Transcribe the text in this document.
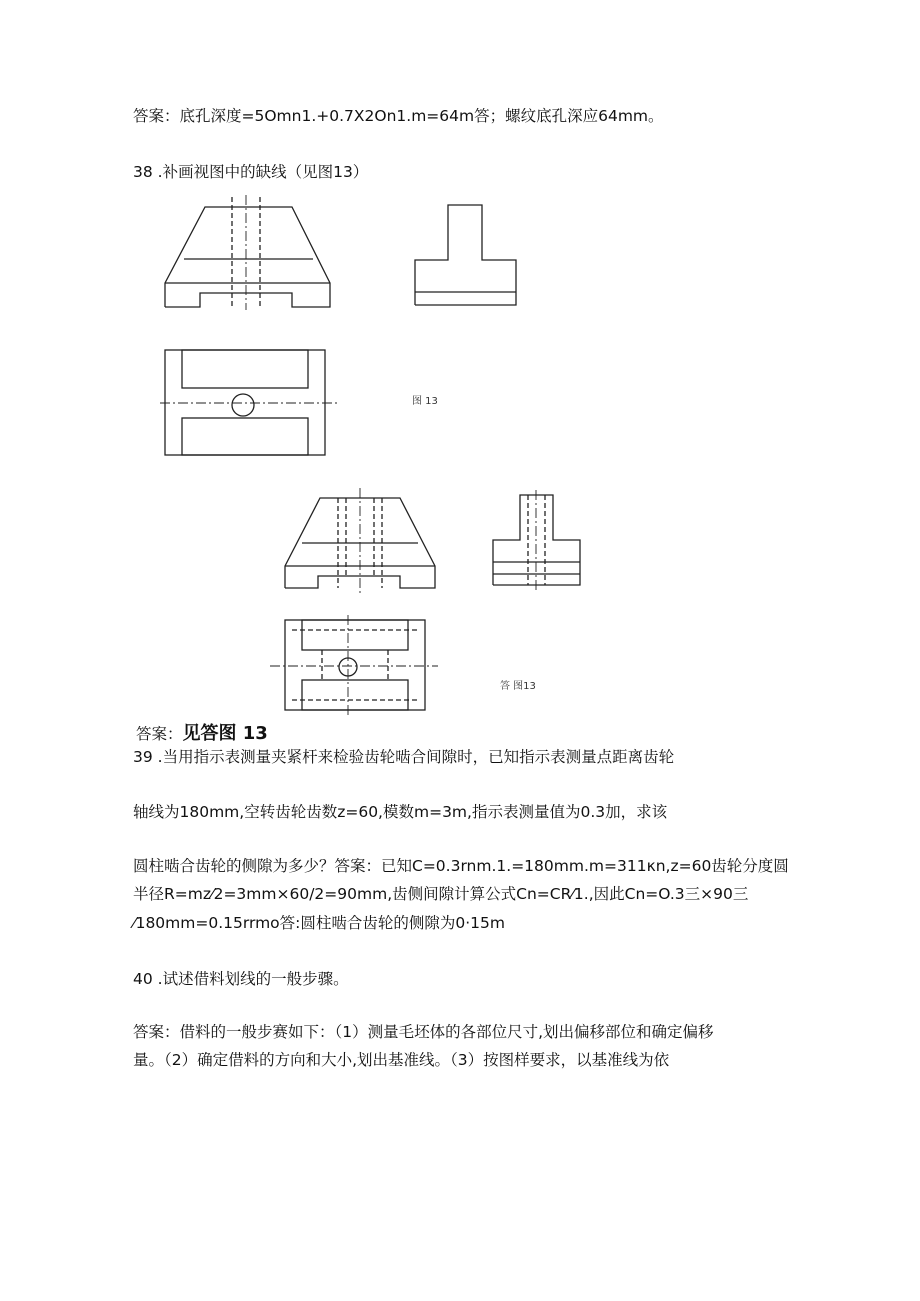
答案：底孔深度=5Omn1.+0.7X2On1.m=64m答；螺纹底孔深应64mm。
38 .补画视图中的缺线（见图13）
图 13
答 图13
答案：见答图 13
39 .当用指示表测量夹紧杆来检验齿轮啮合间隙时，已知指示表测量点距离齿轮
轴线为180mm,空转齿轮齿数z=60,模数m=3m,指示表测量值为0.3加，求该
圆柱啮合齿轮的侧隙为多少？答案：已知C=0.3rnm.1.=180mm.m=311κn,z=60齿轮分度圆
半径R=mz⁄2=3mm×60/2=90mm,齿侧间隙计算公式Cn=CR⁄1.,因此Cn=O.3三×90三
⁄180mm=0.15rrmo答:圆柱啮合齿轮的侧隙为0·15m
40 .试述借料划线的一般步骤。
答案：借料的一般步赛如下：（1）测量毛坯体的各部位尺寸,划出偏移部位和确定偏移
量。（2）确定借料的方向和大小,划出基准线。（3）按图样要求，以基准线为依
